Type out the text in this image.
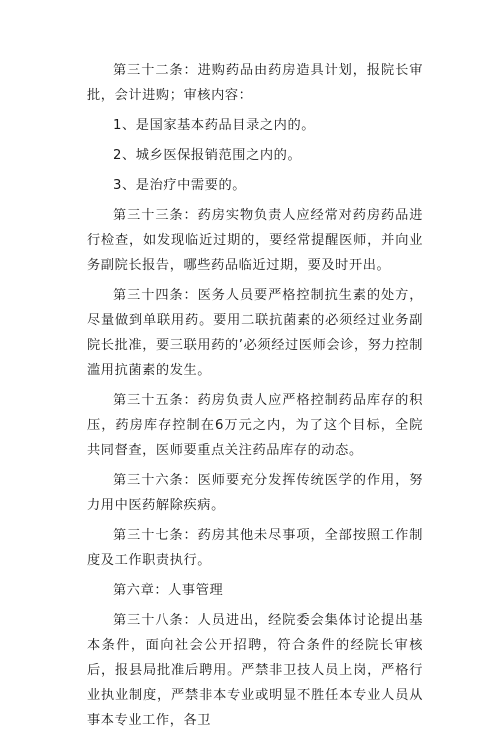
第三十二条：进购药品由药房造具计划，报院长审批，会计进购；审核内容：

1、是国家基本药品目录之内的。

2、城乡医保报销范围之内的。

3、是治疗中需要的。

第三十三条：药房实物负责人应经常对药房药品进行检查，如发现临近过期的，要经常提醒医师，并向业务副院长报告，哪些药品临近过期，要及时开出。

第三十四条：医务人员要严格控制抗生素的处方，尽量做到单联用药。要用二联抗菌素的必须经过业务副院长批准，要三联用药的’必须经过医师会诊，努力控制滥用抗菌素的发生。

第三十五条：药房负责人应严格控制药品库存的积压，药房库存控制在6万元之内，为了这个目标，全院共同督查，医师要重点关注药品库存的动态。

第三十六条：医师要充分发挥传统医学的作用，努力用中医药解除疾病。

第三十七条：药房其他未尽事项，全部按照工作制度及工作职责执行。

第六章：人事管理

第三十八条：人员进出，经院委会集体讨论提出基本条件，面向社会公开招聘，符合条件的经院长审核后，报县局批准后聘用。严禁非卫技人员上岗，严格行业执业制度，严禁非本专业或明显不胜任本专业人员从事本专业工作，各卫
